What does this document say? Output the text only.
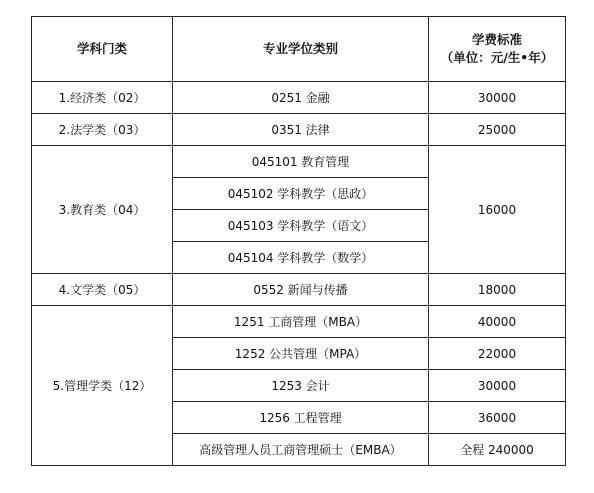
学科门类	专业学位类别	学费标准
（单位：元/生•年）

1.经济类（02）	0251 金融	30000
2.法学类（03）	0351 法律	25000
3.教育类（04）	045101 教育管理	16000
	045102 学科教学（思政）	
	045103 学科教学（语文）	
	045104 学科教学（数学）	
4.文学类（05）	0552 新闻与传播	18000
5.管理学类（12）	1251 工商管理（MBA）	40000
	1252 公共管理（MPA）	22000
	1253 会计	30000
	1256 工程管理	36000
	高级管理人员工商管理硕士（EMBA）	全程 240000
